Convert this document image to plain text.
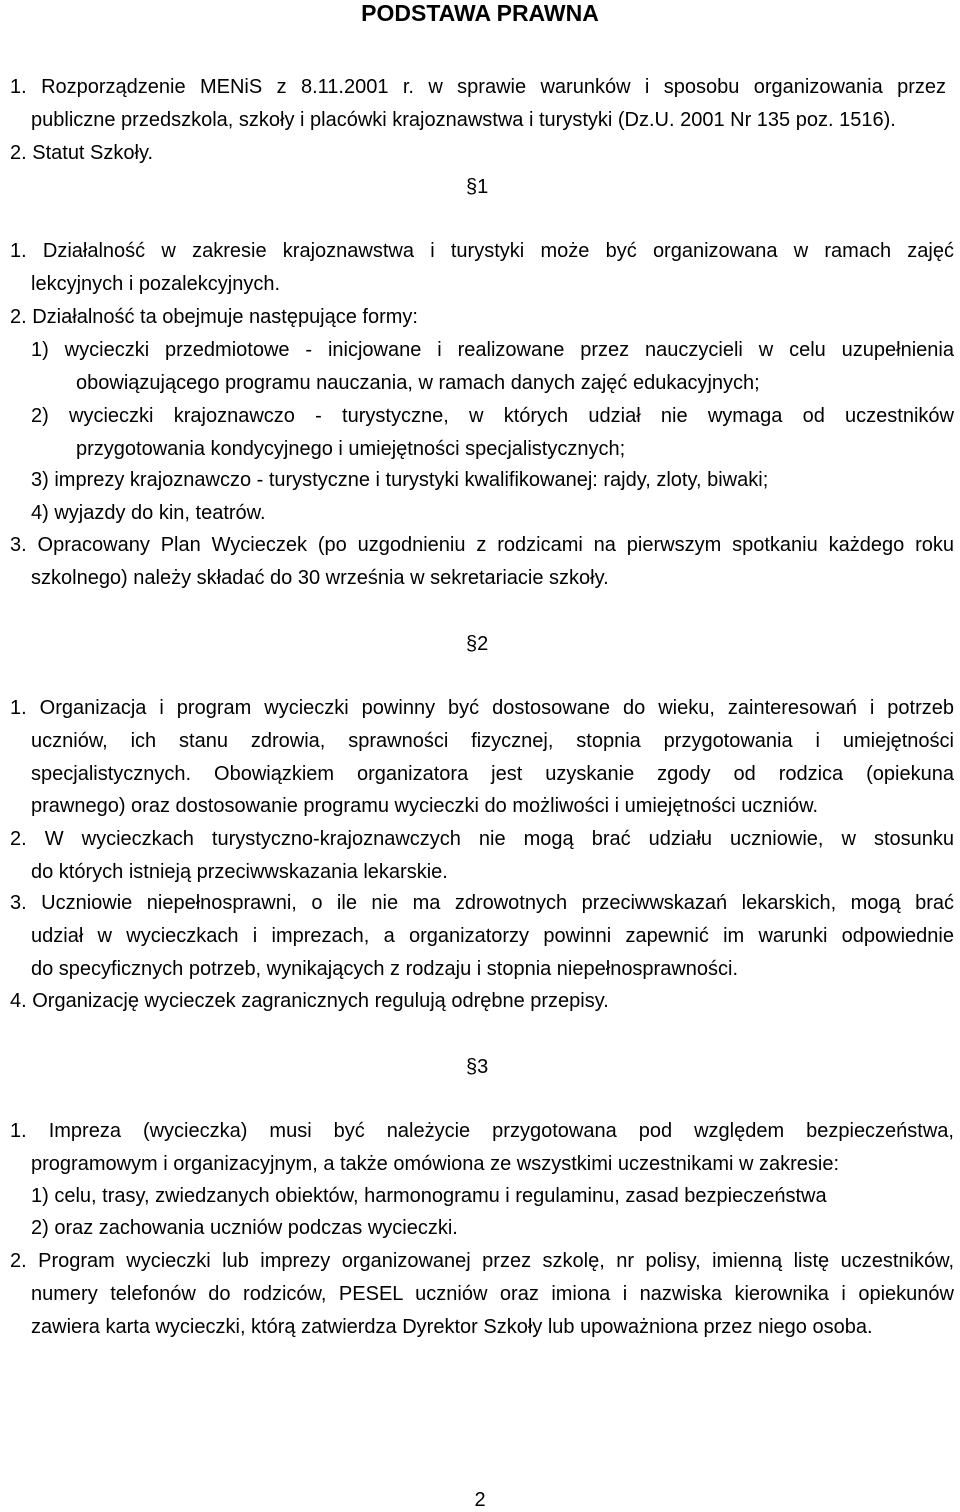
PODSTAWA PRAWNA
1. Rozporządzenie MENiS z 8.11.2001 r. w sprawie warunków i sposobu organizowania przez
publiczne przedszkola, szkoły i placówki krajoznawstwa i turystyki (Dz.U. 2001 Nr 135 poz. 1516).
2. Statut Szkoły.
§1
1. Działalność w zakresie krajoznawstwa i turystyki może być organizowana w ramach zajęć
lekcyjnych i pozalekcyjnych.
2. Działalność ta obejmuje następujące formy:
1) wycieczki przedmiotowe - inicjowane i realizowane przez nauczycieli w celu uzupełnienia
obowiązującego programu nauczania, w ramach danych zajęć edukacyjnych;
2) wycieczki krajoznawczo - turystyczne, w których udział nie wymaga od uczestników
przygotowania kondycyjnego i umiejętności specjalistycznych;
3) imprezy krajoznawczo - turystyczne i turystyki kwalifikowanej: rajdy, zloty, biwaki;
4) wyjazdy do kin, teatrów.
3. Opracowany Plan Wycieczek (po uzgodnieniu z rodzicami na pierwszym spotkaniu każdego roku
szkolnego) należy składać do 30 września w sekretariacie szkoły.
§2
1. Organizacja i program wycieczki powinny być dostosowane do wieku, zainteresowań i potrzeb
uczniów, ich stanu zdrowia, sprawności fizycznej, stopnia przygotowania i umiejętności
specjalistycznych. Obowiązkiem organizatora jest uzyskanie zgody od rodzica (opiekuna
prawnego) oraz dostosowanie programu wycieczki do możliwości i umiejętności uczniów.
2. W wycieczkach turystyczno-krajoznawczych nie mogą brać udziału uczniowie, w stosunku
do których istnieją przeciwwskazania lekarskie.
3. Uczniowie niepełnosprawni, o ile nie ma zdrowotnych przeciwwskazań lekarskich, mogą brać
udział w wycieczkach i imprezach, a organizatorzy powinni zapewnić im warunki odpowiednie
do specyficznych potrzeb, wynikających z rodzaju i stopnia niepełnosprawności.
4. Organizację wycieczek zagranicznych regulują odrębne przepisy.
§3
1. Impreza (wycieczka) musi być należycie przygotowana pod względem bezpieczeństwa,
programowym i organizacyjnym, a także omówiona ze wszystkimi uczestnikami w zakresie:
1) celu, trasy, zwiedzanych obiektów, harmonogramu i regulaminu, zasad bezpieczeństwa
2) oraz zachowania uczniów podczas wycieczki.
2. Program wycieczki lub imprezy organizowanej przez szkolę, nr polisy, imienną listę uczestników,
numery telefonów do rodziców, PESEL uczniów oraz imiona i nazwiska kierownika i opiekunów
zawiera karta wycieczki, którą zatwierdza Dyrektor Szkoły lub upoważniona przez niego osoba.
2
